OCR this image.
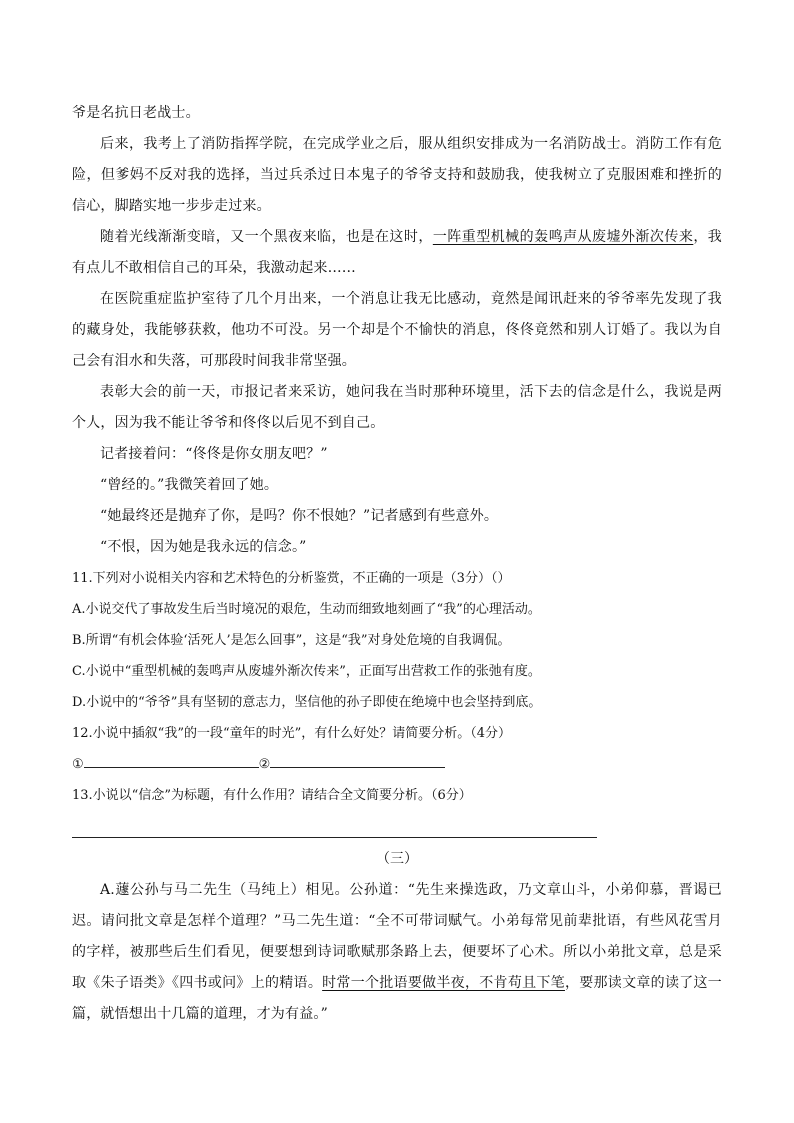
爷是名抗日老战士。

后来，我考上了消防指挥学院，在完成学业之后，服从组织安排成为一名消防战士。消防工作有危险，但爹妈不反对我的选择，当过兵杀过日本鬼子的爷爷支持和鼓励我，使我树立了克服困难和挫折的信心，脚踏实地一步步走过来。

随着光线渐渐变暗，又一个黑夜来临，也是在这时，一阵重型机械的轰鸣声从废墟外渐次传来，我有点儿不敢相信自己的耳朵，我激动起来……

在医院重症监护室待了几个月出来，一个消息让我无比感动，竟然是闻讯赶来的爷爷率先发现了我的藏身处，我能够获救，他功不可没。另一个却是个不愉快的消息，佟佟竟然和别人订婚了。我以为自己会有泪水和失落，可那段时间我非常坚强。

表彰大会的前一天，市报记者来采访，她问我在当时那种环境里，活下去的信念是什么，我说是两个人，因为我不能让爷爷和佟佟以后见不到自己。

记者接着问：“佟佟是你女朋友吧？”

“曾经的。”我微笑着回了她。

“她最终还是抛弃了你，是吗？你不恨她？”记者感到有些意外。

“不恨，因为她是我永远的信念。”

11.下列对小说相关内容和艺术特色的分析鉴赏，不正确的一项是（3分）（）

A.小说交代了事故发生后当时境况的艰危，生动而细致地刻画了“我”的心理活动。

B.所谓“有机会体验‘活死人’是怎么回事”，这是“我”对身处危境的自我调侃。

C.小说中“重型机械的轰鸣声从废墟外渐次传来”，正面写出营救工作的张弛有度。

D.小说中的“爷爷”具有坚韧的意志力，坚信他的孙子即使在绝境中也会坚持到底。

12.小说中插叙“我”的一段“童年的时光”，有什么好处？请简要分析。（4分）

①	②

13.小说以“信念”为标题，有什么作用？请结合全文简要分析。（6分）

（三）

A.蘧公孙与马二先生（马纯上）相见。公孙道：“先生来操选政，乃文章山斗，小弟仰慕，晋谒已迟。请问批文章是怎样个道理？”马二先生道：“全不可带词赋气。小弟每常见前辈批语，有些风花雪月的字样，被那些后生们看见，便要想到诗词歌赋那条路上去，便要坏了心术。所以小弟批文章，总是采取《朱子语类》《四书或问》上的精语。时常一个批语要做半夜，不肯苟且下笔，要那读文章的读了这一篇，就悟想出十几篇的道理，才为有益。”
